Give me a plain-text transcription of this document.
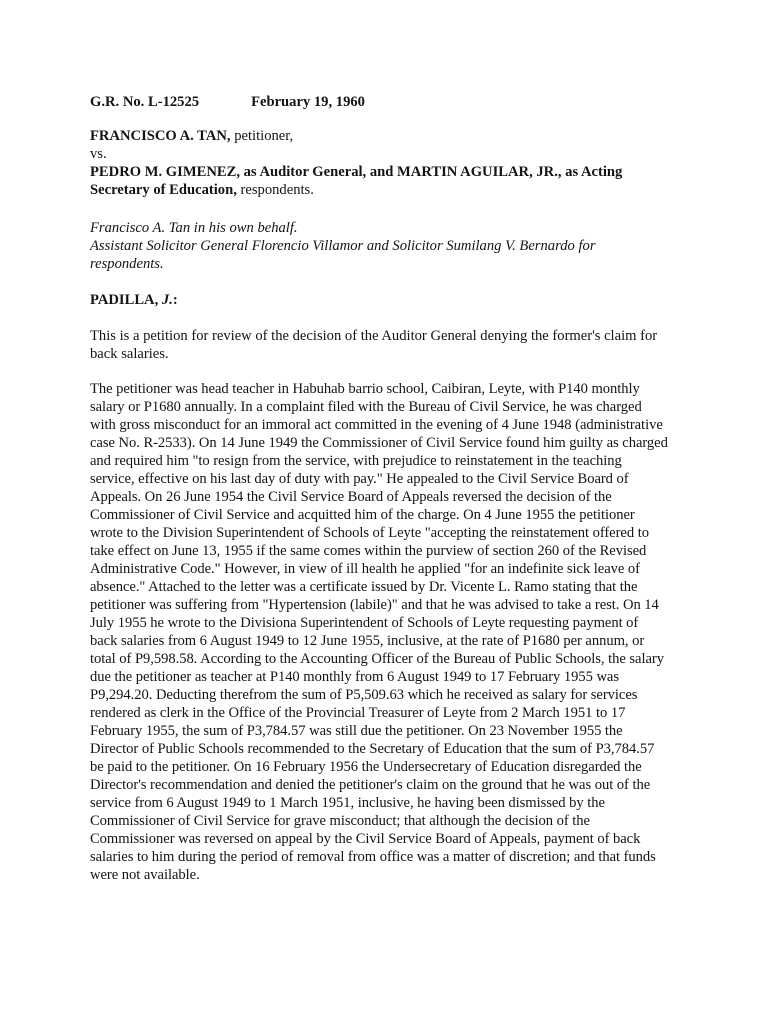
G.R. No. L-12525	February 19, 1960
FRANCISCO A. TAN, petitioner,
vs.
PEDRO M. GIMENEZ, as Auditor General, and MARTIN AGUILAR, JR., as Acting Secretary of Education, respondents.
Francisco A. Tan in his own behalf.
Assistant Solicitor General Florencio Villamor and Solicitor Sumilang V. Bernardo for respondents.
PADILLA, J.:

This is a petition for review of the decision of the Auditor General denying the former's claim for back salaries.

The petitioner was head teacher in Habuhab barrio school, Caibiran, Leyte, with P140 monthly salary or P1680 annually. In a complaint filed with the Bureau of Civil Service, he was charged with gross misconduct for an immoral act committed in the evening of 4 June 1948 (administrative case No. R-2533). On 14 June 1949 the Commissioner of Civil Service found him guilty as charged and required him "to resign from the service, with prejudice to reinstatement in the teaching service, effective on his last day of duty with pay." He appealed to the Civil Service Board of Appeals. On 26 June 1954 the Civil Service Board of Appeals reversed the decision of the Commissioner of Civil Service and acquitted him of the charge. On 4 June 1955 the petitioner wrote to the Division Superintendent of Schools of Leyte "accepting the reinstatement offered to take effect on June 13, 1955 if the same comes within the purview of section 260 of the Revised Administrative Code." However, in view of ill health he applied "for an indefinite sick leave of absence." Attached to the letter was a certificate issued by Dr. Vicente L. Ramo stating that the petitioner was suffering from "Hypertension (labile)" and that he was advised to take a rest. On 14 July 1955 he wrote to the Divisiona Superintendent of Schools of Leyte requesting payment of back salaries from 6 August 1949 to 12 June 1955, inclusive, at the rate of P1680 per annum, or total of P9,598.58. According to the Accounting Officer of the Bureau of Public Schools, the salary due the petitioner as teacher at P140 monthly from 6 August 1949 to 17 February 1955 was P9,294.20. Deducting therefrom the sum of P5,509.63 which he received as salary for services rendered as clerk in the Office of the Provincial Treasurer of Leyte from 2 March 1951 to 17 February 1955, the sum of P3,784.57 was still due the petitioner. On 23 November 1955 the Director of Public Schools recommended to the Secretary of Education that the sum of P3,784.57 be paid to the petitioner. On 16 February 1956 the Undersecretary of Education disregarded the Director's recommendation and denied the petitioner's claim on the ground that he was out of the service from 6 August 1949 to 1 March 1951, inclusive, he having been dismissed by the Commissioner of Civil Service for grave misconduct; that although the decision of the Commissioner was reversed on appeal by the Civil Service Board of Appeals, payment of back salaries to him during the period of removal from office was a matter of discretion; and that funds were not available.
